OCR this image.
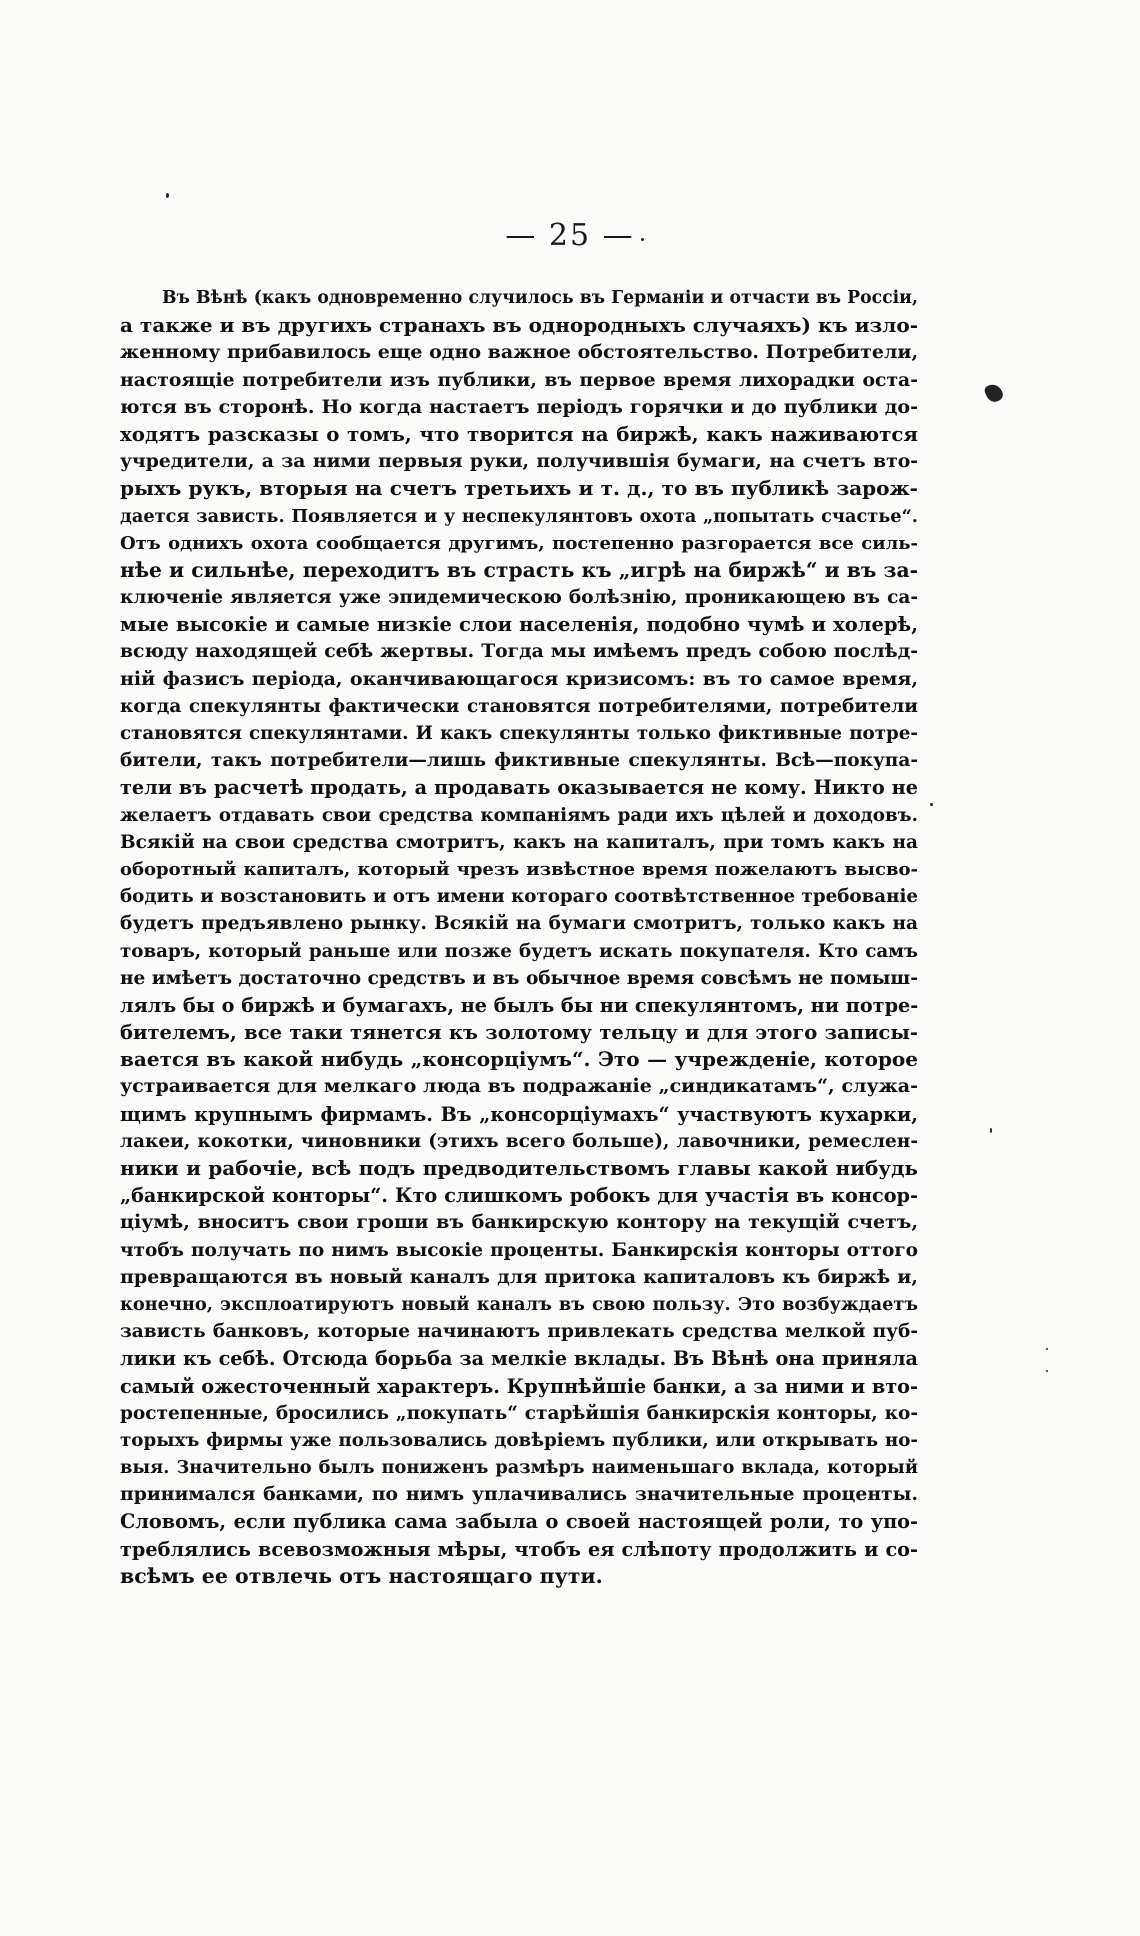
— 25 —
Въ Вѣнѣ (какъ одновременно случилось въ Германіи и отчасти въ Россіи,
а также и въ другихъ странахъ въ однородныхъ случаяхъ) къ изло-
женному прибавилось еще одно важное обстоятельство. Потребители,
настоящіе потребители изъ публики, въ первое время лихорадки оста-
ются въ сторонѣ. Но когда настаетъ періодъ горячки и до публики до-
ходятъ разсказы о томъ, что творится на биржѣ, какъ наживаются
учредители, а за ними первыя руки, получившія бумаги, на счетъ вто-
рыхъ рукъ, вторыя на счетъ третьихъ и т. д., то въ публикѣ зарож-
дается зависть. Появляется и у неспекулянтовъ охота „попытать счастье“.
Отъ однихъ охота сообщается другимъ, постепенно разгорается все силь-
нѣе и сильнѣе, переходитъ въ страсть къ „игрѣ на биржѣ“ и въ за-
ключеніе является уже эпидемическою болѣзнію, проникающею въ са-
мые высокіе и самые низкіе слои населенія, подобно чумѣ и холерѣ,
всюду находящей себѣ жертвы. Тогда мы имѣемъ предъ собою послѣд-
ній фазисъ періода, оканчивающагося кризисомъ: въ то самое время,
когда спекулянты фактически становятся потребителями, потребители
становятся спекулянтами. И какъ спекулянты только фиктивные потре-
бители, такъ потребители—лишь фиктивные спекулянты. Всѣ—покупа-
тели въ расчетѣ продать, а продавать оказывается не кому. Никто не
желаетъ отдавать свои средства компаніямъ ради ихъ цѣлей и доходовъ.
Всякій на свои средства смотритъ, какъ на капиталъ, при томъ какъ на
оборотный капиталъ, который чрезъ извѣстное время пожелаютъ высво-
бодить и возстановить и отъ имени котораго соотвѣтственное требованіе
будетъ предъявлено рынку. Всякій на бумаги смотритъ, только какъ на
товаръ, который раньше или позже будетъ искать покупателя. Кто самъ
не имѣетъ достаточно средствъ и въ обычное время совсѣмъ не помыш-
лялъ бы о биржѣ и бумагахъ, не былъ бы ни спекулянтомъ, ни потре-
бителемъ, все таки тянется къ золотому тельцу и для этого записы-
вается въ какой нибудь „консорціумъ“. Это — учрежденіе, которое
устраивается для мелкаго люда въ подражаніе „синдикатамъ“, служа-
щимъ крупнымъ фирмамъ. Въ „консорціумахъ“ участвуютъ кухарки,
лакеи, кокотки, чиновники (этихъ всего больше), лавочники, ремеслен-
ники и рабочіе, всѣ подъ предводительствомъ главы какой нибудь
„банкирской конторы“. Кто слишкомъ робокъ для участія въ консор-
ціумѣ, вноситъ свои гроши въ банкирскую контору на текущій счетъ,
чтобъ получать по нимъ высокіе проценты. Банкирскія конторы оттого
превращаются въ новый каналъ для притока капиталовъ къ биржѣ и,
конечно, эксплоатируютъ новый каналъ въ свою пользу. Это возбуждаетъ
зависть банковъ, которые начинаютъ привлекать средства мелкой пуб-
лики къ себѣ. Отсюда борьба за мелкіе вклады. Въ Вѣнѣ она приняла
самый ожесточенный характеръ. Крупнѣйшіе банки, а за ними и вто-
ростепенные, бросились „покупать“ старѣйшія банкирскія конторы, ко-
торыхъ фирмы уже пользовались довѣріемъ публики, или открывать но-
выя. Значительно былъ пониженъ размѣръ наименьшаго вклада, который
принимался банками, по нимъ уплачивались значительные проценты.
Словомъ, если публика сама забыла о своей настоящей роли, то упо-
треблялись всевозможныя мѣры, чтобъ ея слѣпоту продолжить и со-
всѣмъ ее отвлечь отъ настоящаго пути.
